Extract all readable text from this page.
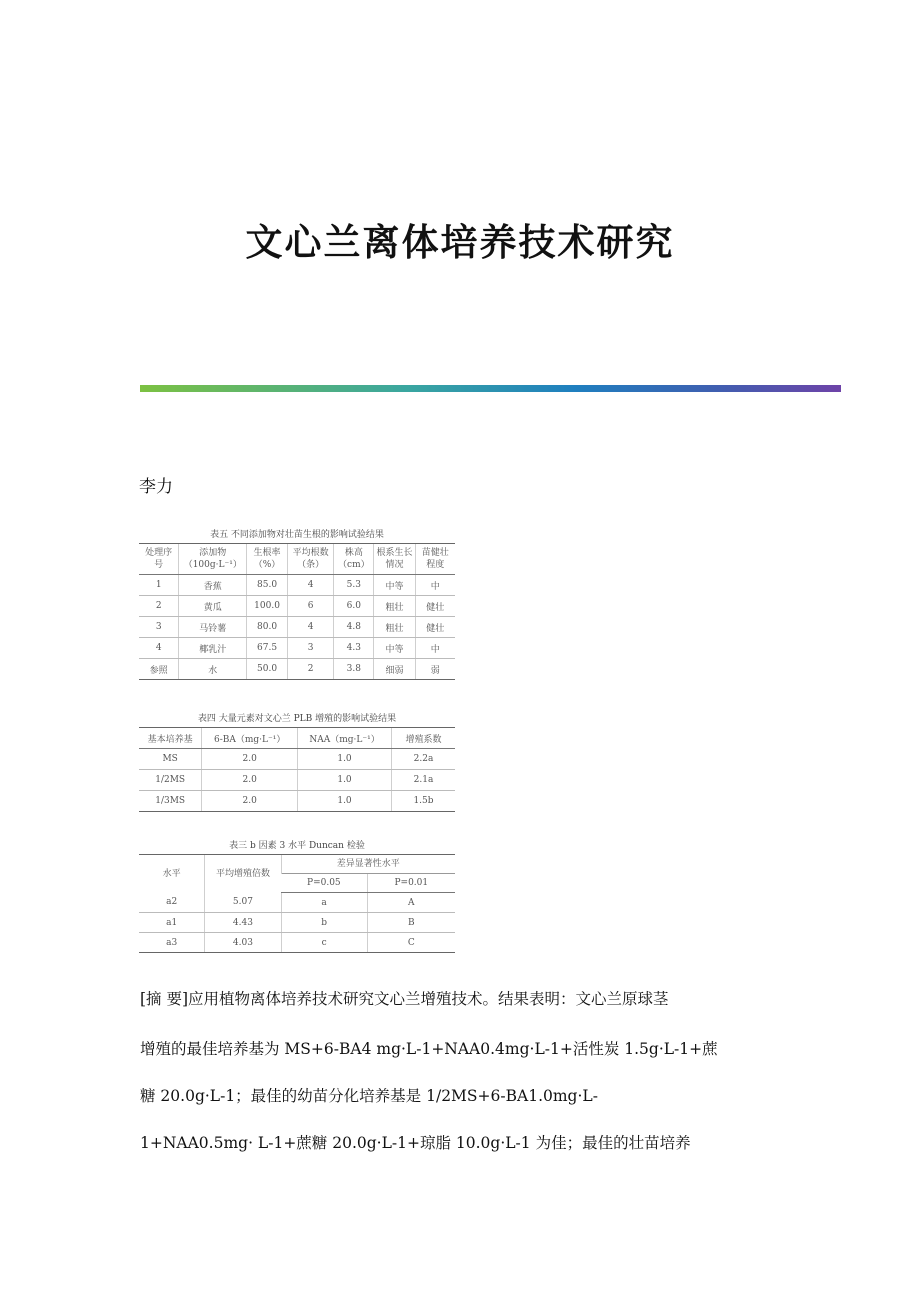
文心兰离体培养技术研究
李力
表五 不同添加物对壮苗生根的影响试验结果
处理序号	添加物（100g·L⁻¹）	生根率（%）	平均根数（条）	株高（cm）	根系生长情况	苗健壮程度
1	香蕉	85.0	4	5.3	中等	中
2	黄瓜	100.0	6	6.0	粗壮	健壮
3	马铃薯	80.0	4	4.8	粗壮	健壮
4	椰乳汁	67.5	3	4.3	中等	中
参照	水	50.0	2	3.8	细弱	弱
表四 大量元素对文心兰 PLB 增殖的影响试验结果
基本培养基	6-BA（mg·L⁻¹）	NAA（mg·L⁻¹）	增殖系数
MS	2.0	1.0	2.2a
1/2MS	2.0	1.0	2.1a
1/3MS	2.0	1.0	1.5b
表三 b 因素 3 水平 Duncan 检验
水平	平均增殖倍数	差异显著性水平	
		P=0.05	P=0.01
a2	5.07	a	A
a1	4.43	b	B
a3	4.03	c	C
[摘 要]应用植物离体培养技术研究文心兰增殖技术。结果表明：文心兰原球茎
增殖的最佳培养基为 MS+6-BA4 mg·L-1+NAA0.4mg·L-1+活性炭 1.5g·L-1+蔗
糖 20.0g·L-1；最佳的幼苗分化培养基是 1/2MS+6-BA1.0mg·L-
1+NAA0.5mg· L-1+蔗糖 20.0g·L-1+琼脂 10.0g·L-1 为佳；最佳的壮苗培养
